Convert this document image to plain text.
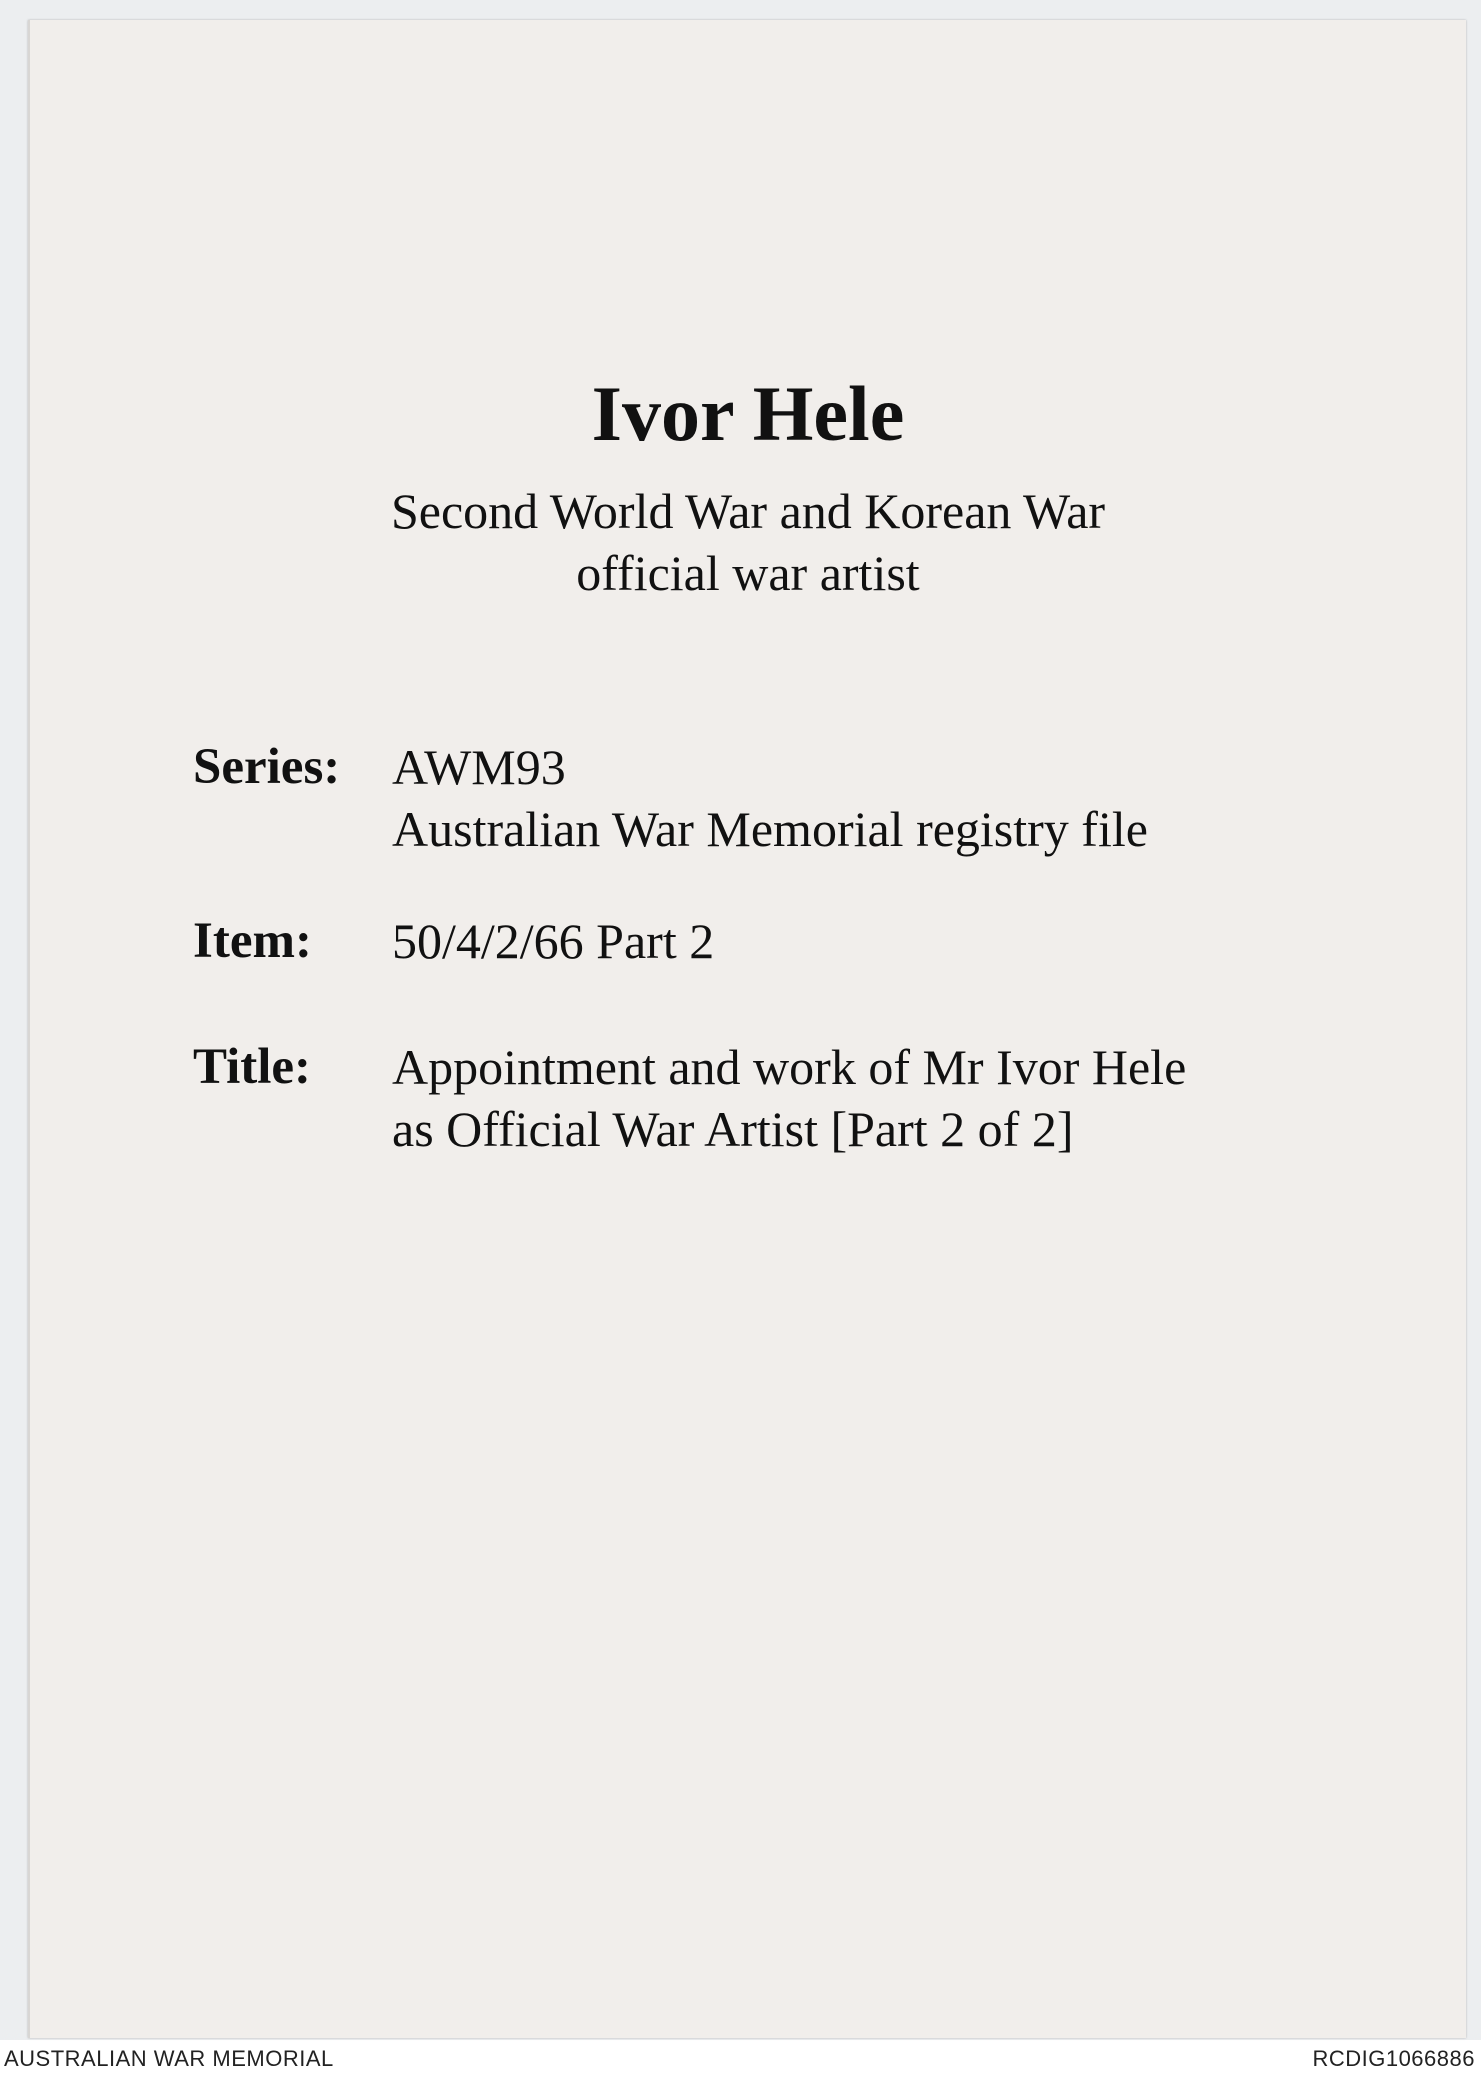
Ivor Hele
Second World War and Korean War
official war artist
Series: AWM93
Australian War Memorial registry file
Item: 50/4/2/66 Part 2
Title: Appointment and work of Mr Ivor Hele
as Official War Artist [Part 2 of 2]
AUSTRALIAN WAR MEMORIAL	RCDIG1066886
